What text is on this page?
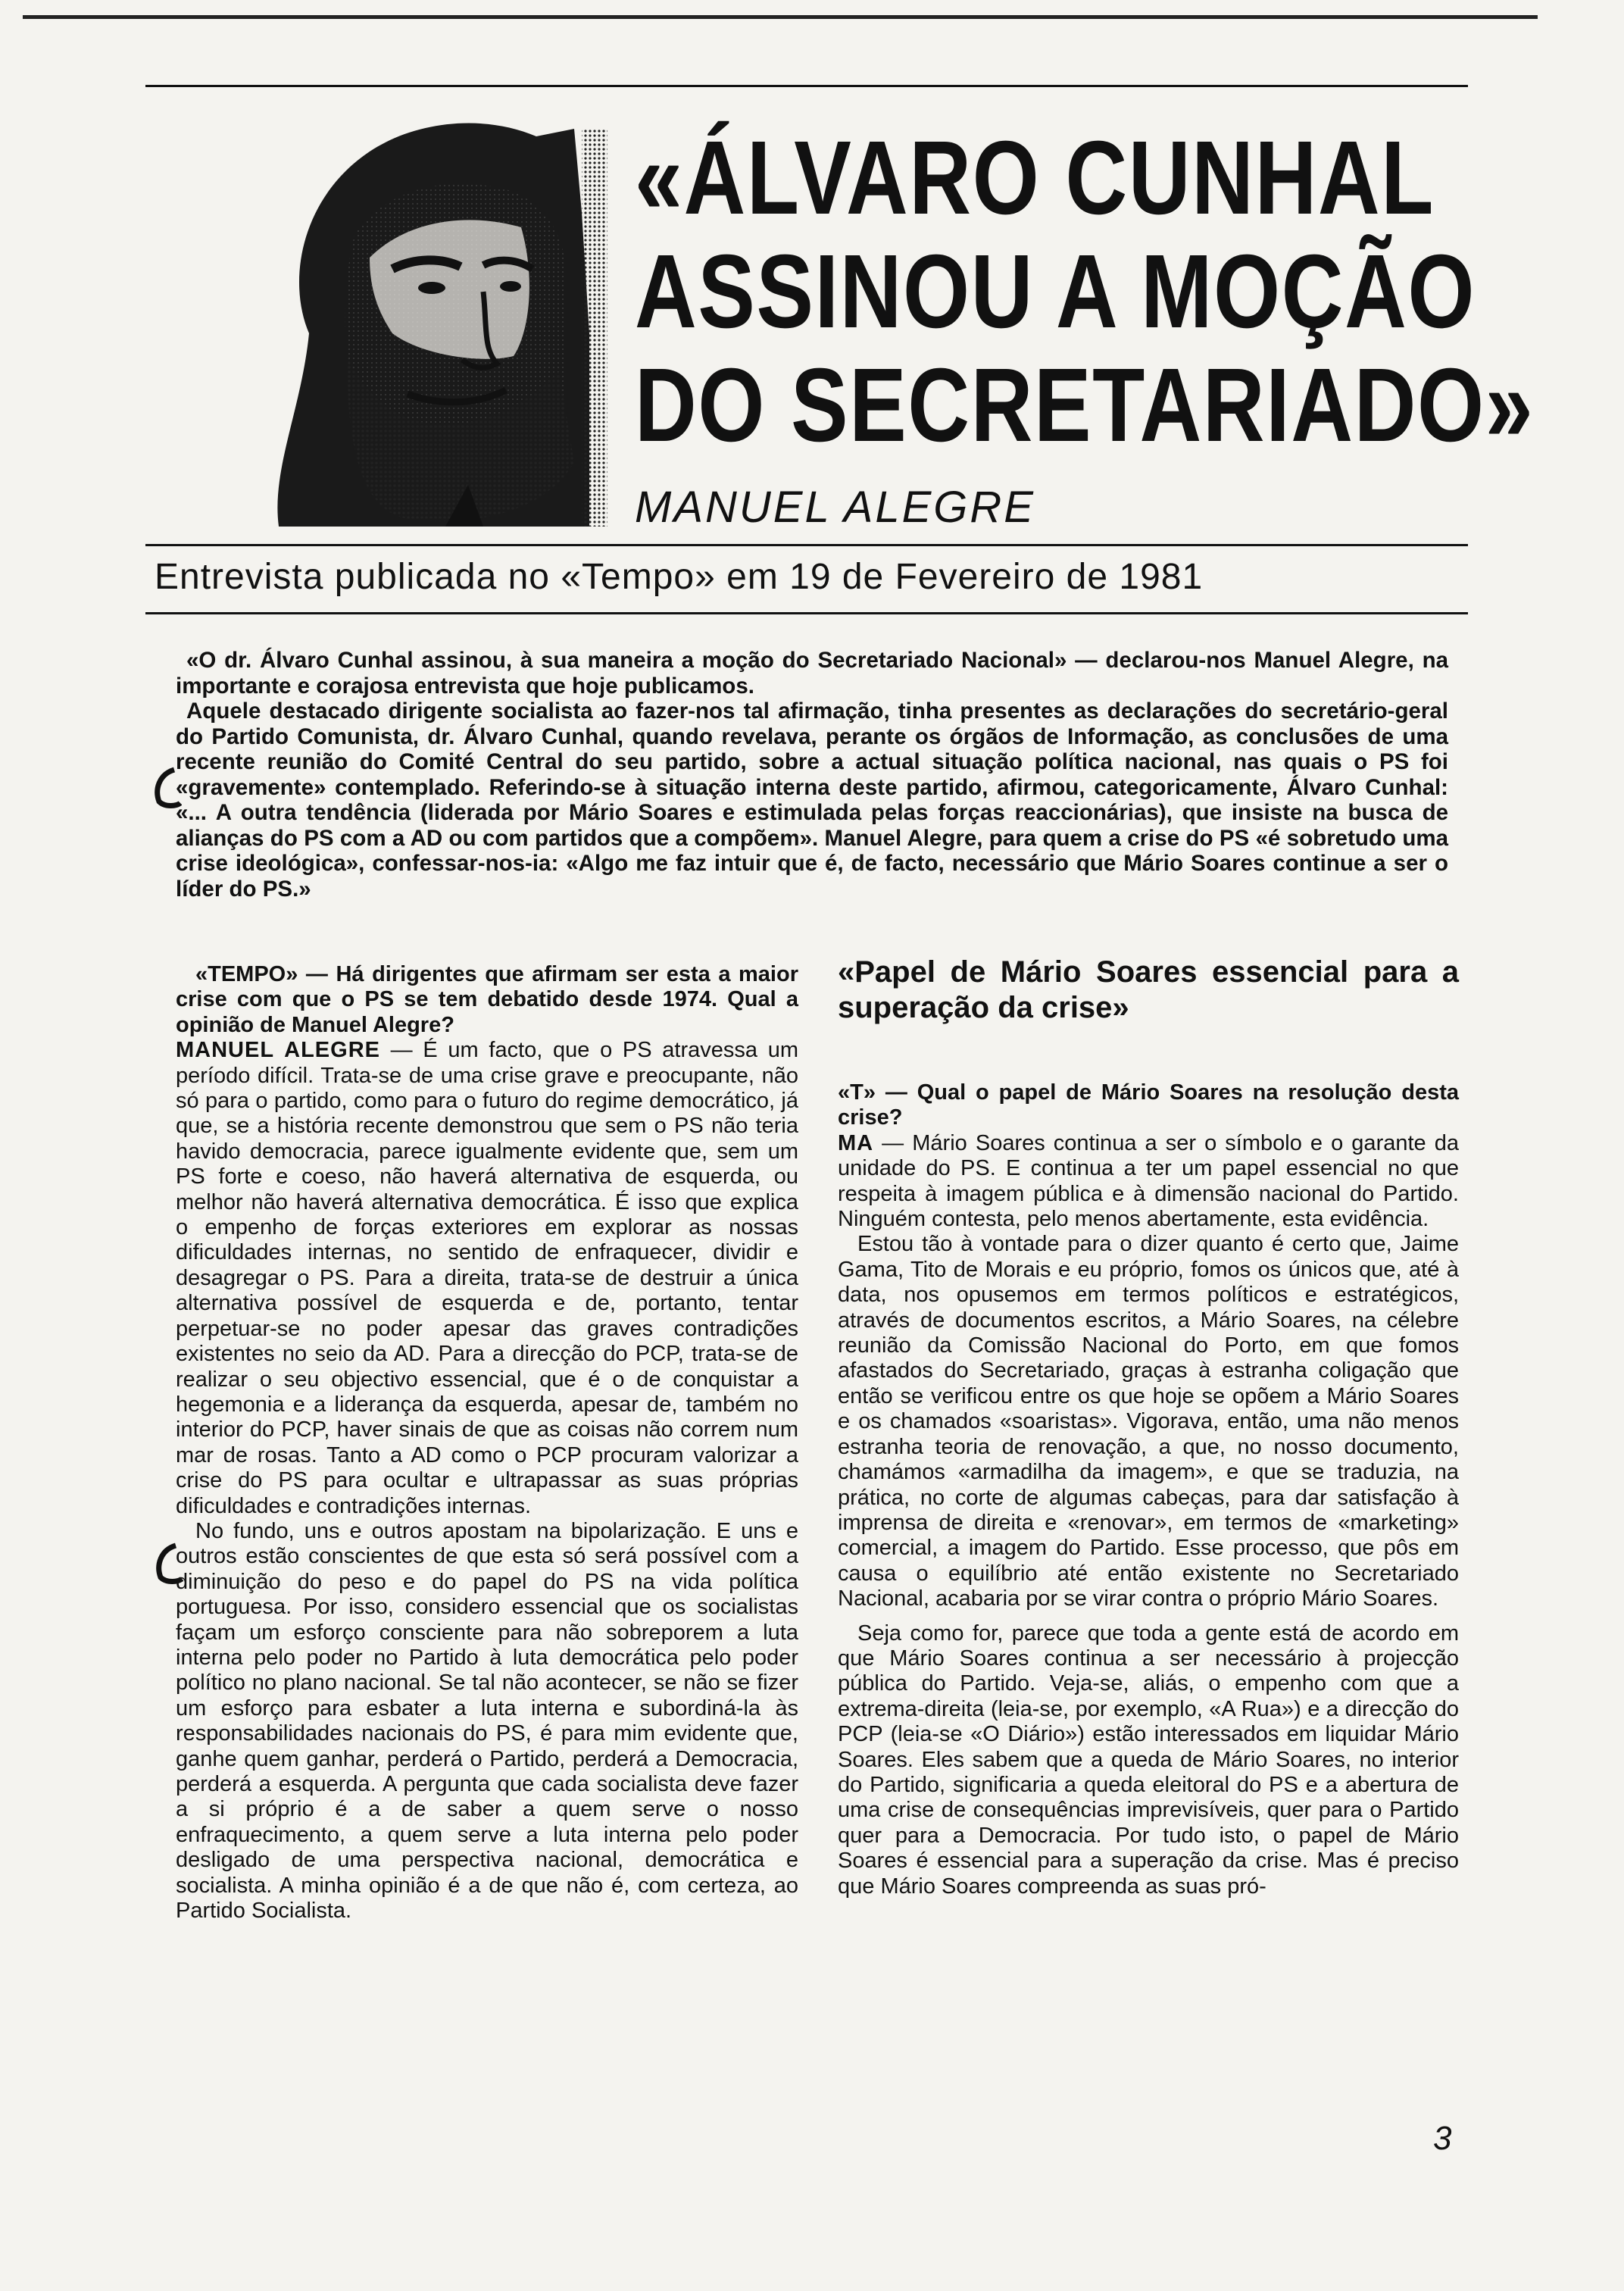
«ÁLVARO CUNHAL
ASSINOU A MOÇÃO
DO SECRETARIADO»
MANUEL ALEGRE
Entrevista publicada no «Tempo» em 19 de Fevereiro de 1981

«O dr. Álvaro Cunhal assinou, à sua maneira a moção do Secretariado Nacional» — declarou-nos Manuel Alegre, na importante e corajosa entrevista que hoje publicamos.

Aquele destacado dirigente socialista ao fazer-nos tal afirmação, tinha presentes as declarações do secretário-geral do Partido Comunista, dr. Álvaro Cunhal, quando revelava, perante os órgãos de Informação, as conclusões de uma recente reunião do Comité Central do seu partido, sobre a actual situação política nacional, nas quais o PS foi «gravemente» contemplado. Referindo-se à situação interna deste partido, afirmou, categoricamente, Álvaro Cunhal: «... A outra tendência (liderada por Mário Soares e estimulada pelas forças reaccionárias), que insiste na busca de alianças do PS com a AD ou com partidos que a compõem». Manuel Alegre, para quem a crise do PS «é sobretudo uma crise ideológica», confessar-nos-ia: «Algo me faz intuir que é, de facto, necessário que Mário Soares continue a ser o líder do PS.»

«TEMPO» — Há dirigentes que afirmam ser esta a maior crise com que o PS se tem debatido desde 1974. Qual a opinião de Manuel Alegre?

MANUEL ALEGRE — É um facto, que o PS atravessa um período difícil. Trata-se de uma crise grave e preocupante, não só para o partido, como para o futuro do regime democrático, já que, se a história recente demonstrou que sem o PS não teria havido democracia, parece igualmente evidente que, sem um PS forte e coeso, não haverá alternativa de esquerda, ou melhor não haverá alternativa democrática. É isso que explica o empenho de forças exteriores em explorar as nossas dificuldades internas, no sentido de enfraquecer, dividir e desagregar o PS. Para a direita, trata-se de destruir a única alternativa possível de esquerda e de, portanto, tentar perpetuar-se no poder apesar das graves contradições existentes no seio da AD. Para a direcção do PCP, trata-se de realizar o seu objectivo essencial, que é o de conquistar a hegemonia e a liderança da esquerda, apesar de, também no interior do PCP, haver sinais de que as coisas não correm num mar de rosas. Tanto a AD como o PCP procuram valorizar a crise do PS para ocultar e ultrapassar as suas próprias dificuldades e contradições internas.

No fundo, uns e outros apostam na bipolarização. E uns e outros estão conscientes de que esta só será possível com a diminuição do peso e do papel do PS na vida política portuguesa. Por isso, considero essencial que os socialistas façam um esforço consciente para não sobreporem a luta interna pelo poder no Partido à luta democrática pelo poder político no plano nacional. Se tal não acontecer, se não se fizer um esforço para esbater a luta interna e subordiná-la às responsabilidades nacionais do PS, é para mim evidente que, ganhe quem ganhar, perderá o Partido, perderá a Democracia, perderá a esquerda. A pergunta que cada socialista deve fazer a si próprio é a de saber a quem serve o nosso enfraquecimento, a quem serve a luta interna pelo poder desligado de uma perspectiva nacional, democrática e socialista. A minha opinião é a de que não é, com certeza, ao Partido Socialista.

«Papel de Mário Soares essencial para a superação da crise»

«T» — Qual o papel de Mário Soares na resolução desta crise?

MA — Mário Soares continua a ser o símbolo e o garante da unidade do PS. E continua a ter um papel essencial no que respeita à imagem pública e à dimensão nacional do Partido. Ninguém contesta, pelo menos abertamente, esta evidência.

Estou tão à vontade para o dizer quanto é certo que, Jaime Gama, Tito de Morais e eu próprio, fomos os únicos que, até à data, nos opusemos em termos políticos e estratégicos, através de documentos escritos, a Mário Soares, na célebre reunião da Comissão Nacional do Porto, em que fomos afastados do Secretariado, graças à estranha coligação que então se verificou entre os que hoje se opõem a Mário Soares e os chamados «soaristas». Vigorava, então, uma não menos estranha teoria de renovação, a que, no nosso documento, chamámos «armadilha da imagem», e que se traduzia, na prática, no corte de algumas cabeças, para dar satisfação à imprensa de direita e «renovar», em termos de «marketing» comercial, a imagem do Partido. Esse processo, que pôs em causa o equilíbrio até então existente no Secretariado Nacional, acabaria por se virar contra o próprio Mário Soares.

Seja como for, parece que toda a gente está de acordo em que Mário Soares continua a ser necessário à projecção pública do Partido. Veja-se, aliás, o empenho com que a extrema-direita (leia-se, por exemplo, «A Rua») e a direcção do PCP (leia-se «O Diário») estão interessados em liquidar Mário Soares. Eles sabem que a queda de Mário Soares, no interior do Partido, significaria a queda eleitoral do PS e a abertura de uma crise de consequências imprevisíveis, quer para o Partido quer para a Democracia. Por tudo isto, o papel de Mário Soares é essencial para a superação da crise. Mas é preciso que Mário Soares compreenda as suas pró-

3
